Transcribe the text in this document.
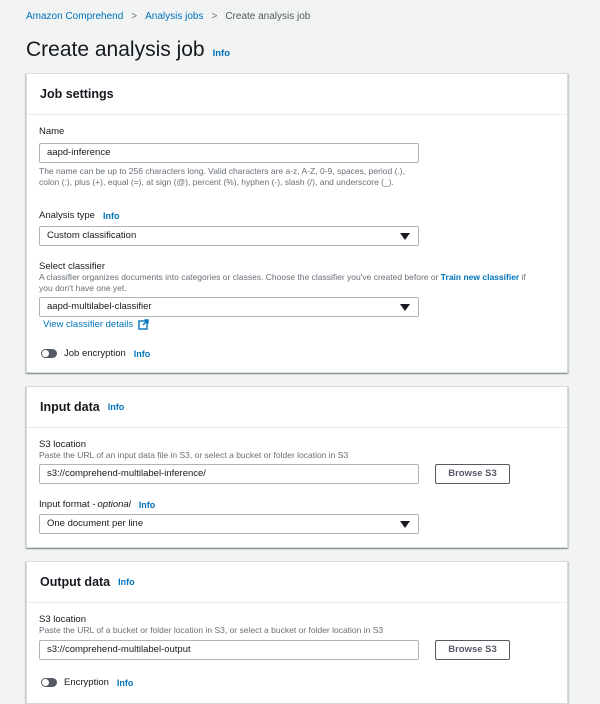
Amazon Comprehend > Analysis jobs > Create analysis job
Create analysis job Info
Job settings
Name
aapd-inference
The name can be up to 256 characters long. Valid characters are a-z, A-Z, 0-9, spaces, period (.), colon (:), plus (+), equal (=), at sign (@), percent (%), hyphen (-), slash (/), and underscore (_).
Analysis type Info
Custom classification
Select classifier
A classifier organizes documents into categories or classes. Choose the classifier you've created before or Train new classifier if you don't have one yet.
aapd-multilabel-classifier
View classifier details
Job encryption Info
Input data Info
S3 location
Paste the URL of an input data file in S3, or select a bucket or folder location in S3
s3://comprehend-multilabel-inference/	Browse S3
Input format - optional Info
One document per line
Output data Info
S3 location
Paste the URL of a bucket or folder location in S3, or select a bucket or folder location in S3
s3://comprehend-multilabel-output	Browse S3
Encryption Info
